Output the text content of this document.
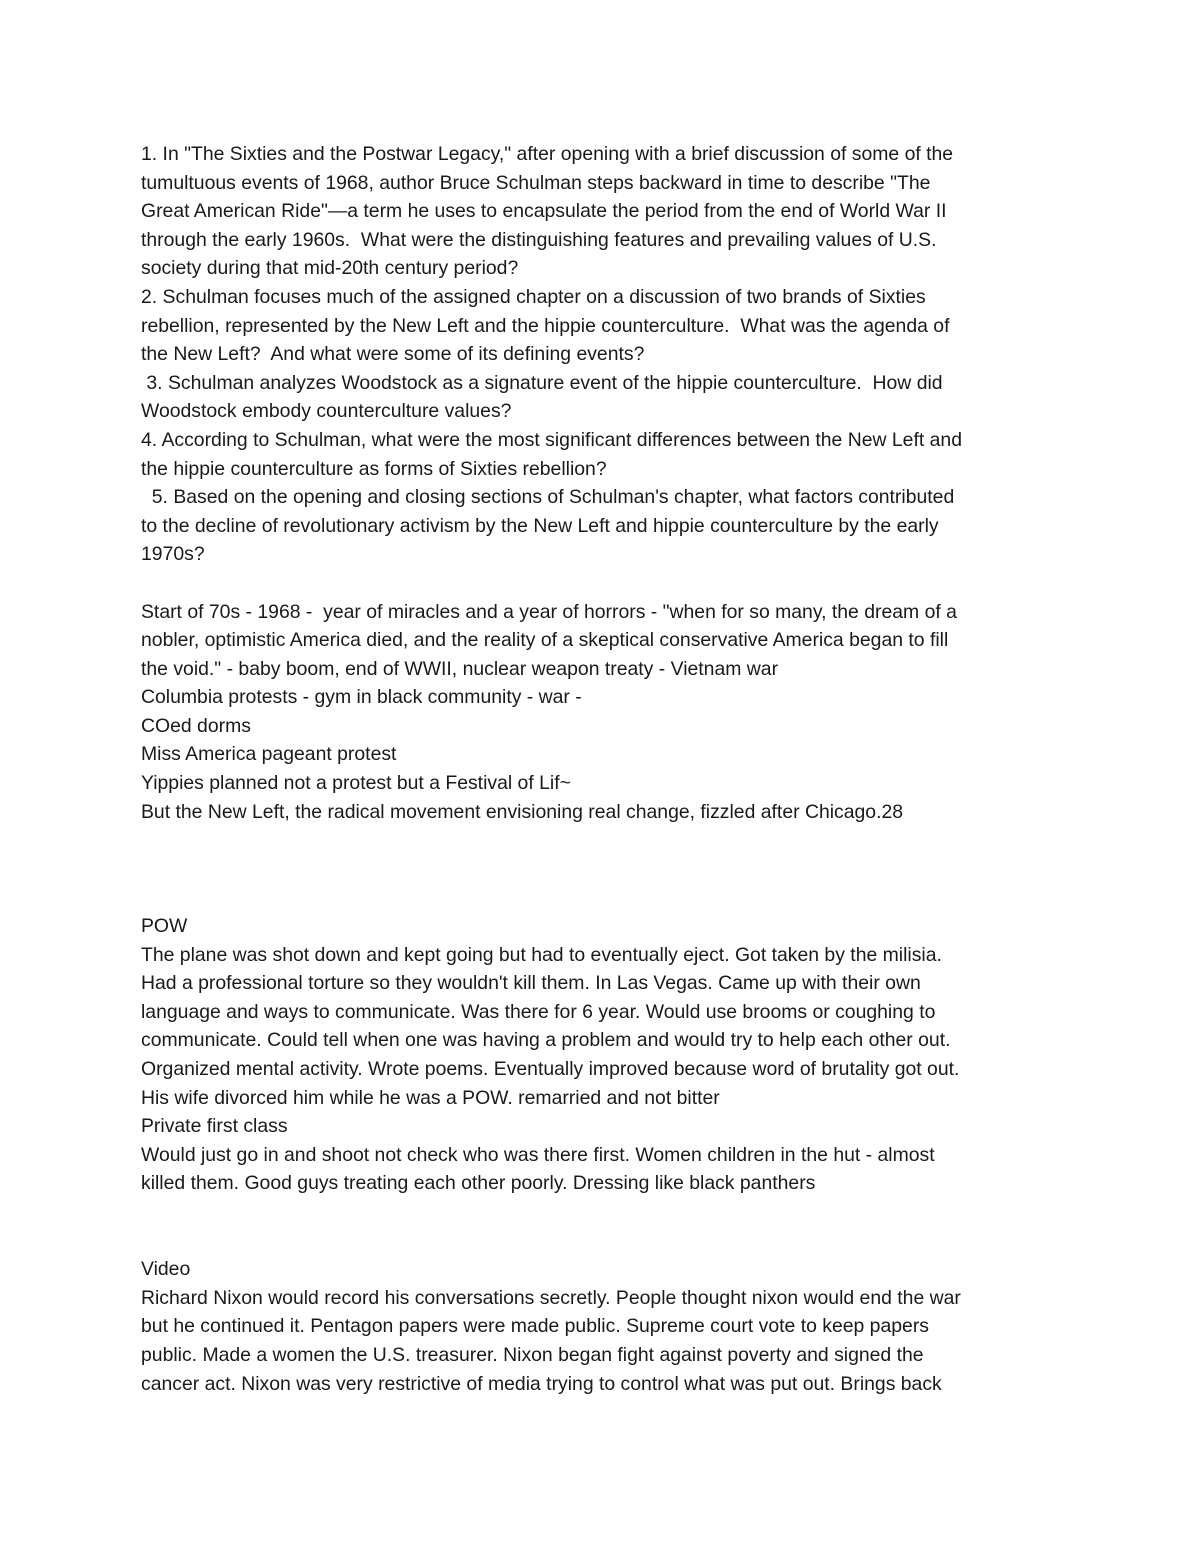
1. In "The Sixties and the Postwar Legacy," after opening with a brief discussion of some of the
tumultuous events of 1968, author Bruce Schulman steps backward in time to describe "The
Great American Ride"—a term he uses to encapsulate the period from the end of World War II
through the early 1960s.  What were the distinguishing features and prevailing values of U.S.
society during that mid-20th century period?
2. Schulman focuses much of the assigned chapter on a discussion of two brands of Sixties
rebellion, represented by the New Left and the hippie counterculture.  What was the agenda of
the New Left?  And what were some of its defining events?
3. Schulman analyzes Woodstock as a signature event of the hippie counterculture.  How did
Woodstock embody counterculture values?
4. According to Schulman, what were the most significant differences between the New Left and
the hippie counterculture as forms of Sixties rebellion?
5. Based on the opening and closing sections of Schulman's chapter, what factors contributed
to the decline of revolutionary activism by the New Left and hippie counterculture by the early
1970s?
Start of 70s - 1968 -  year of miracles and a year of horrors - "when for so many, the dream of a
nobler, optimistic America died, and the reality of a skeptical conservative America began to fill
the void." - baby boom, end of WWII, nuclear weapon treaty - Vietnam war
Columbia protests - gym in black community - war -
COed dorms
Miss America pageant protest
Yippies planned not a protest but a Festival of Lif~
But the New Left, the radical movement envisioning real change, fizzled after Chicago.28
POW
The plane was shot down and kept going but had to eventually eject. Got taken by the milisia.
Had a professional torture so they wouldn't kill them. In Las Vegas. Came up with their own
language and ways to communicate. Was there for 6 year. Would use brooms or coughing to
communicate. Could tell when one was having a problem and would try to help each other out.
Organized mental activity. Wrote poems. Eventually improved because word of brutality got out.
His wife divorced him while he was a POW. remarried and not bitter
Private first class
Would just go in and shoot not check who was there first. Women children in the hut - almost
killed them. Good guys treating each other poorly. Dressing like black panthers
Video
Richard Nixon would record his conversations secretly. People thought nixon would end the war
but he continued it. Pentagon papers were made public. Supreme court vote to keep papers
public. Made a women the U.S. treasurer. Nixon began fight against poverty and signed the
cancer act. Nixon was very restrictive of media trying to control what was put out. Brings back
